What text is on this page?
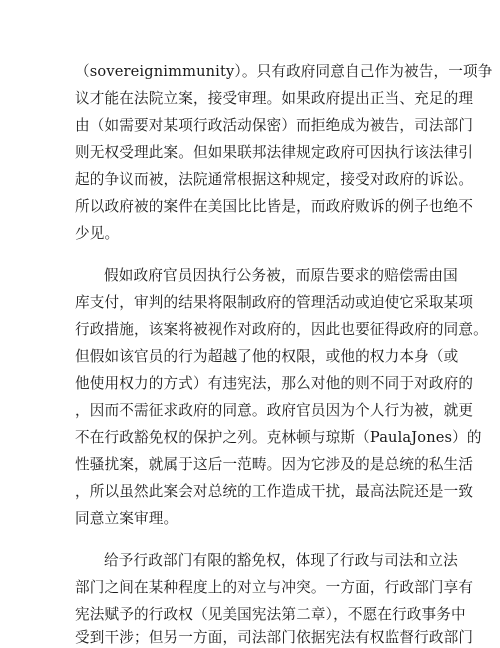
（sovereignimmunity）。只有政府同意自己作为被告，一项争
议才能在法院立案，接受审理。如果政府提出正当、充足的理
由（如需要对某项行政活动保密）而拒绝成为被告，司法部门
则无权受理此案。但如果联邦法律规定政府可因执行该法律引
起的争议而被，法院通常根据这种规定，接受对政府的诉讼。
所以政府被的案件在美国比比皆是，而政府败诉的例子也绝不
少见。
假如政府官员因执行公务被，而原告要求的赔偿需由国
库支付，审判的结果将限制政府的管理活动或迫使它采取某项
行政措施，该案将被视作对政府的，因此也要征得政府的同意。
但假如该官员的行为超越了他的权限，或他的权力本身（或
他使用权力的方式）有违宪法，那么对他的则不同于对政府的
，因而不需征求政府的同意。政府官员因为个人行为被，就更
不在行政豁免权的保护之列。克林顿与琼斯（PaulaJones）的
性骚扰案，就属于这后一范畴。因为它涉及的是总统的私生活
，所以虽然此案会对总统的工作造成干扰，最高法院还是一致
同意立案审理。
给予行政部门有限的豁免权，体现了行政与司法和立法
部门之间在某种程度上的对立与冲突。一方面，行政部门享有
宪法赋予的行政权（见美国宪法第二章），不愿在行政事务中
受到干涉；但另一方面，司法部门依据宪法有权监督行政部门
